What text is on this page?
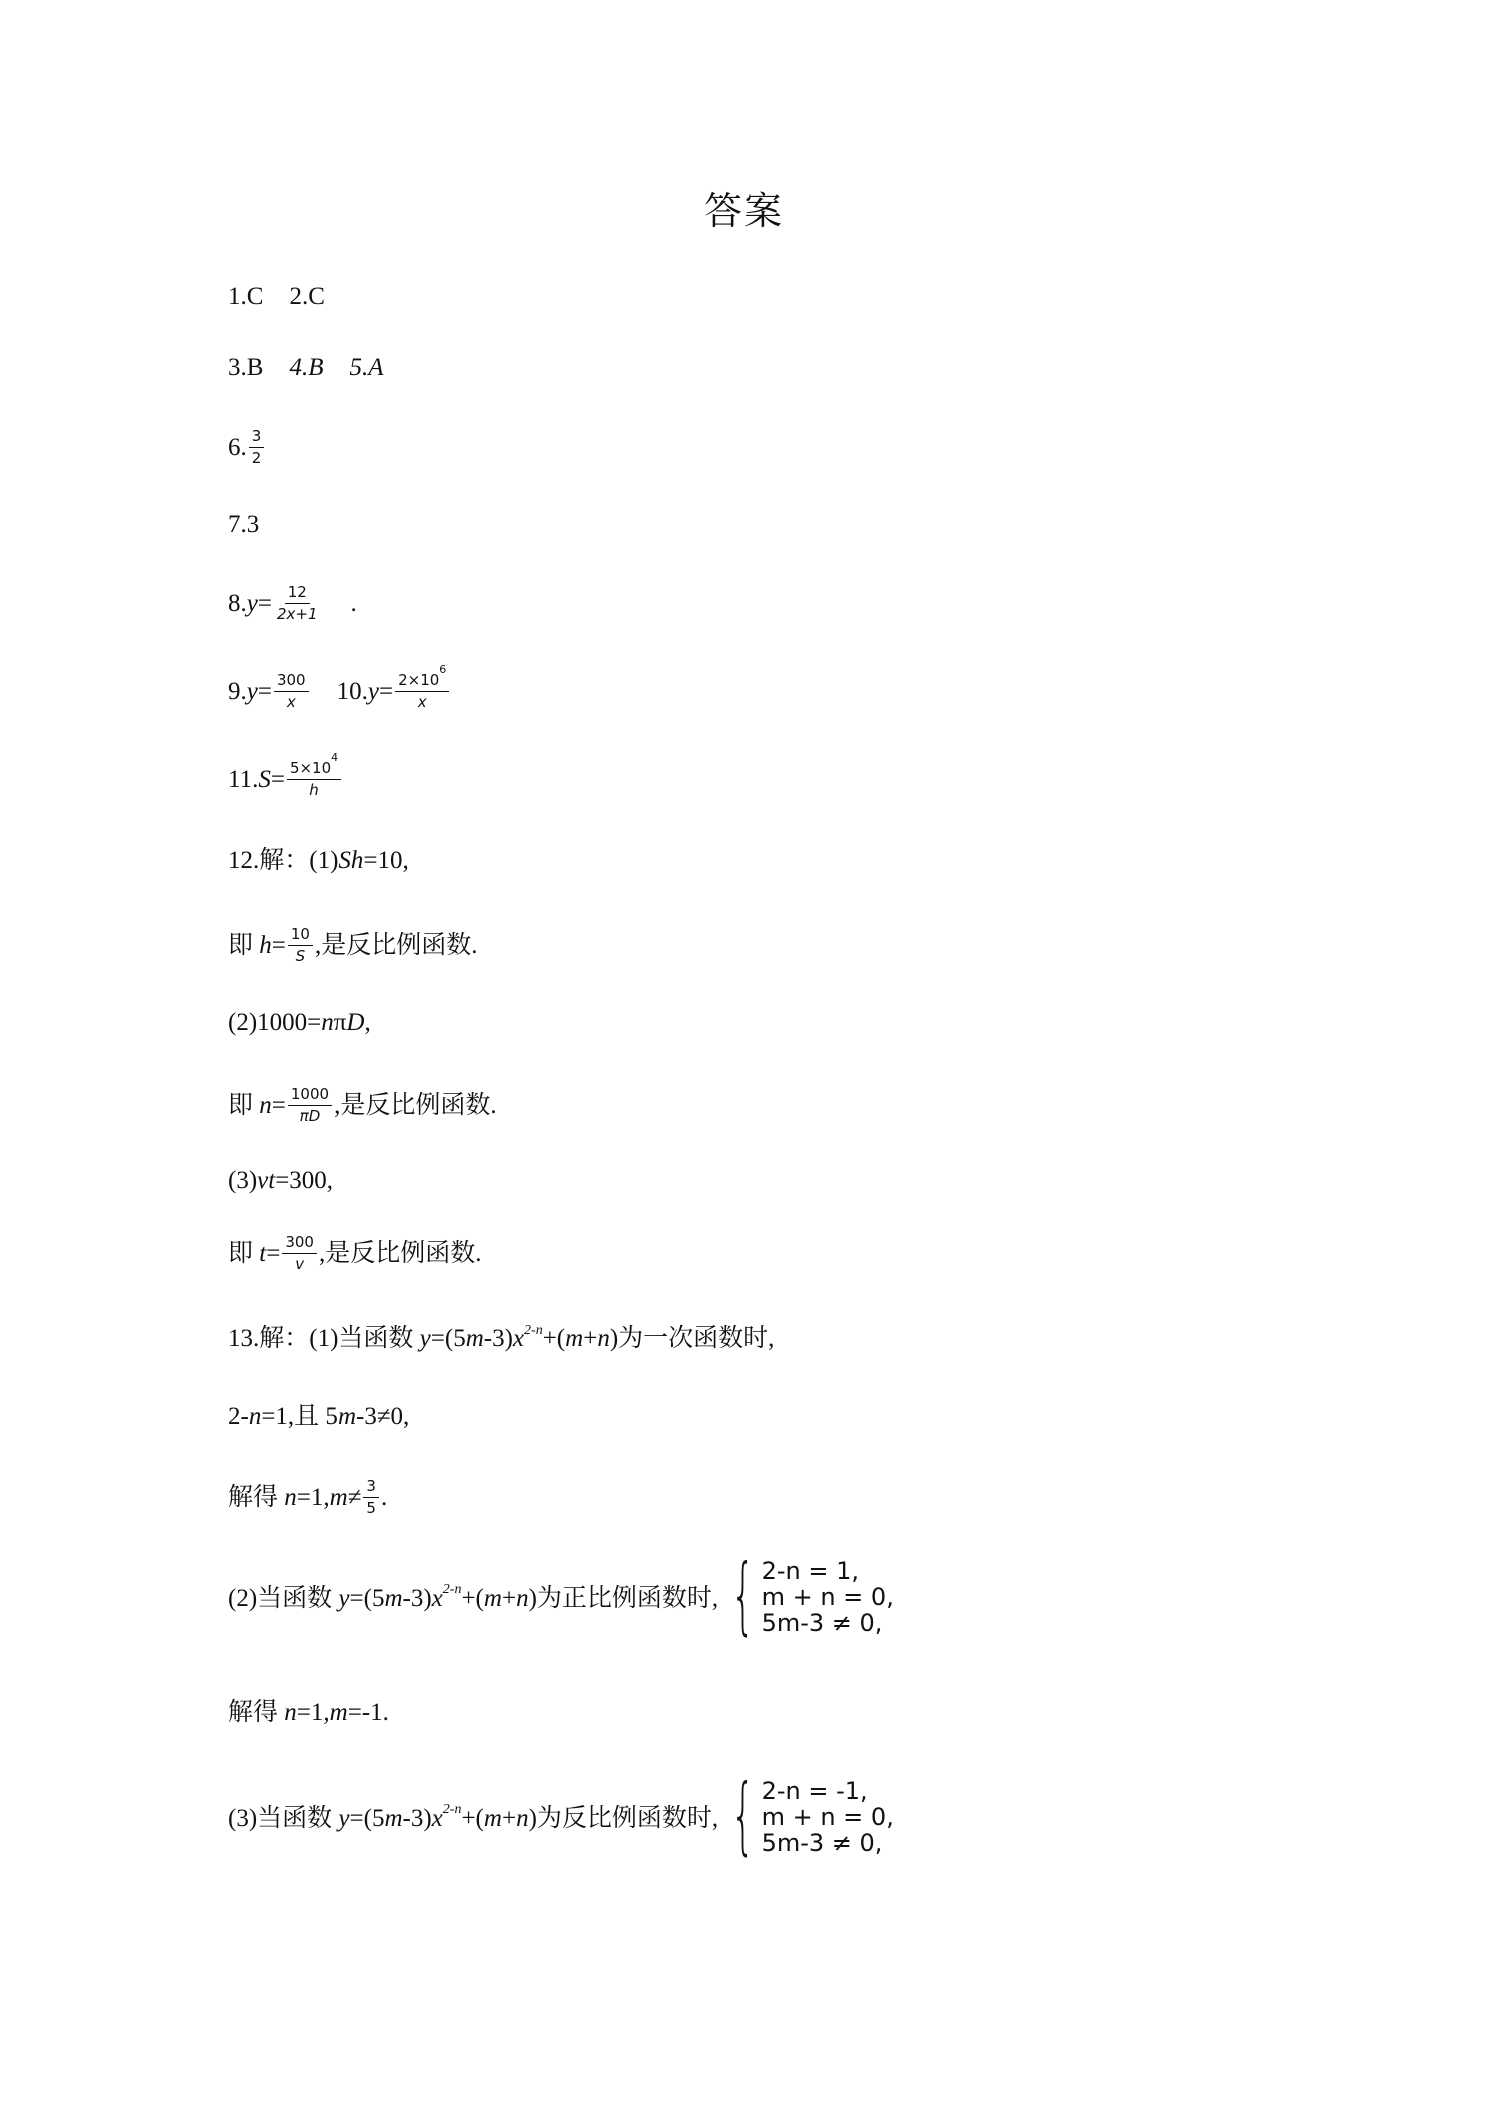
答案
1.C 2.C
3.B 4.B 5.A
6. $\frac{3}{2}$
7.3
8. $y = \frac{12}{2x+1}$ .
9. $y = \frac{300}{x} 10$. $y = \frac{2\times 10^6}{x}$
11. $S = \frac{5\times 10^4}{h}$
12.解：(1) Sh =10,
即 $h = \frac{10}{S}$ ,是反比例函数.
(2)1000= n π D ,
即 $n = \frac{1000}{\pi D}$ ,是反比例函数.
(3) vt =300,
即 $t = \frac{300}{v}$ ,是反比例函数.
13.解：(1)当函数 y =(5 m -3) $x^{2-n}$ +( m + n )为一次函数时,
2- n =1,且 5 m -3≠0,
解得 n =1, $m \ne \frac{3}{5}$ .
(2)当函数 y =(5 m -3) $x^{2-n}$ +( m + n )为正比例函数时, { 2-n = 1,
m + n = 0,
5m-3 ≠ 0,
解得 n =1, m =-1.
(3)当函数 y =(5 m -3) $x^{2-n}$ +( m + n )为反比例函数时, { 2-n = -1,
m + n = 0,
5m-3 ≠ 0,
